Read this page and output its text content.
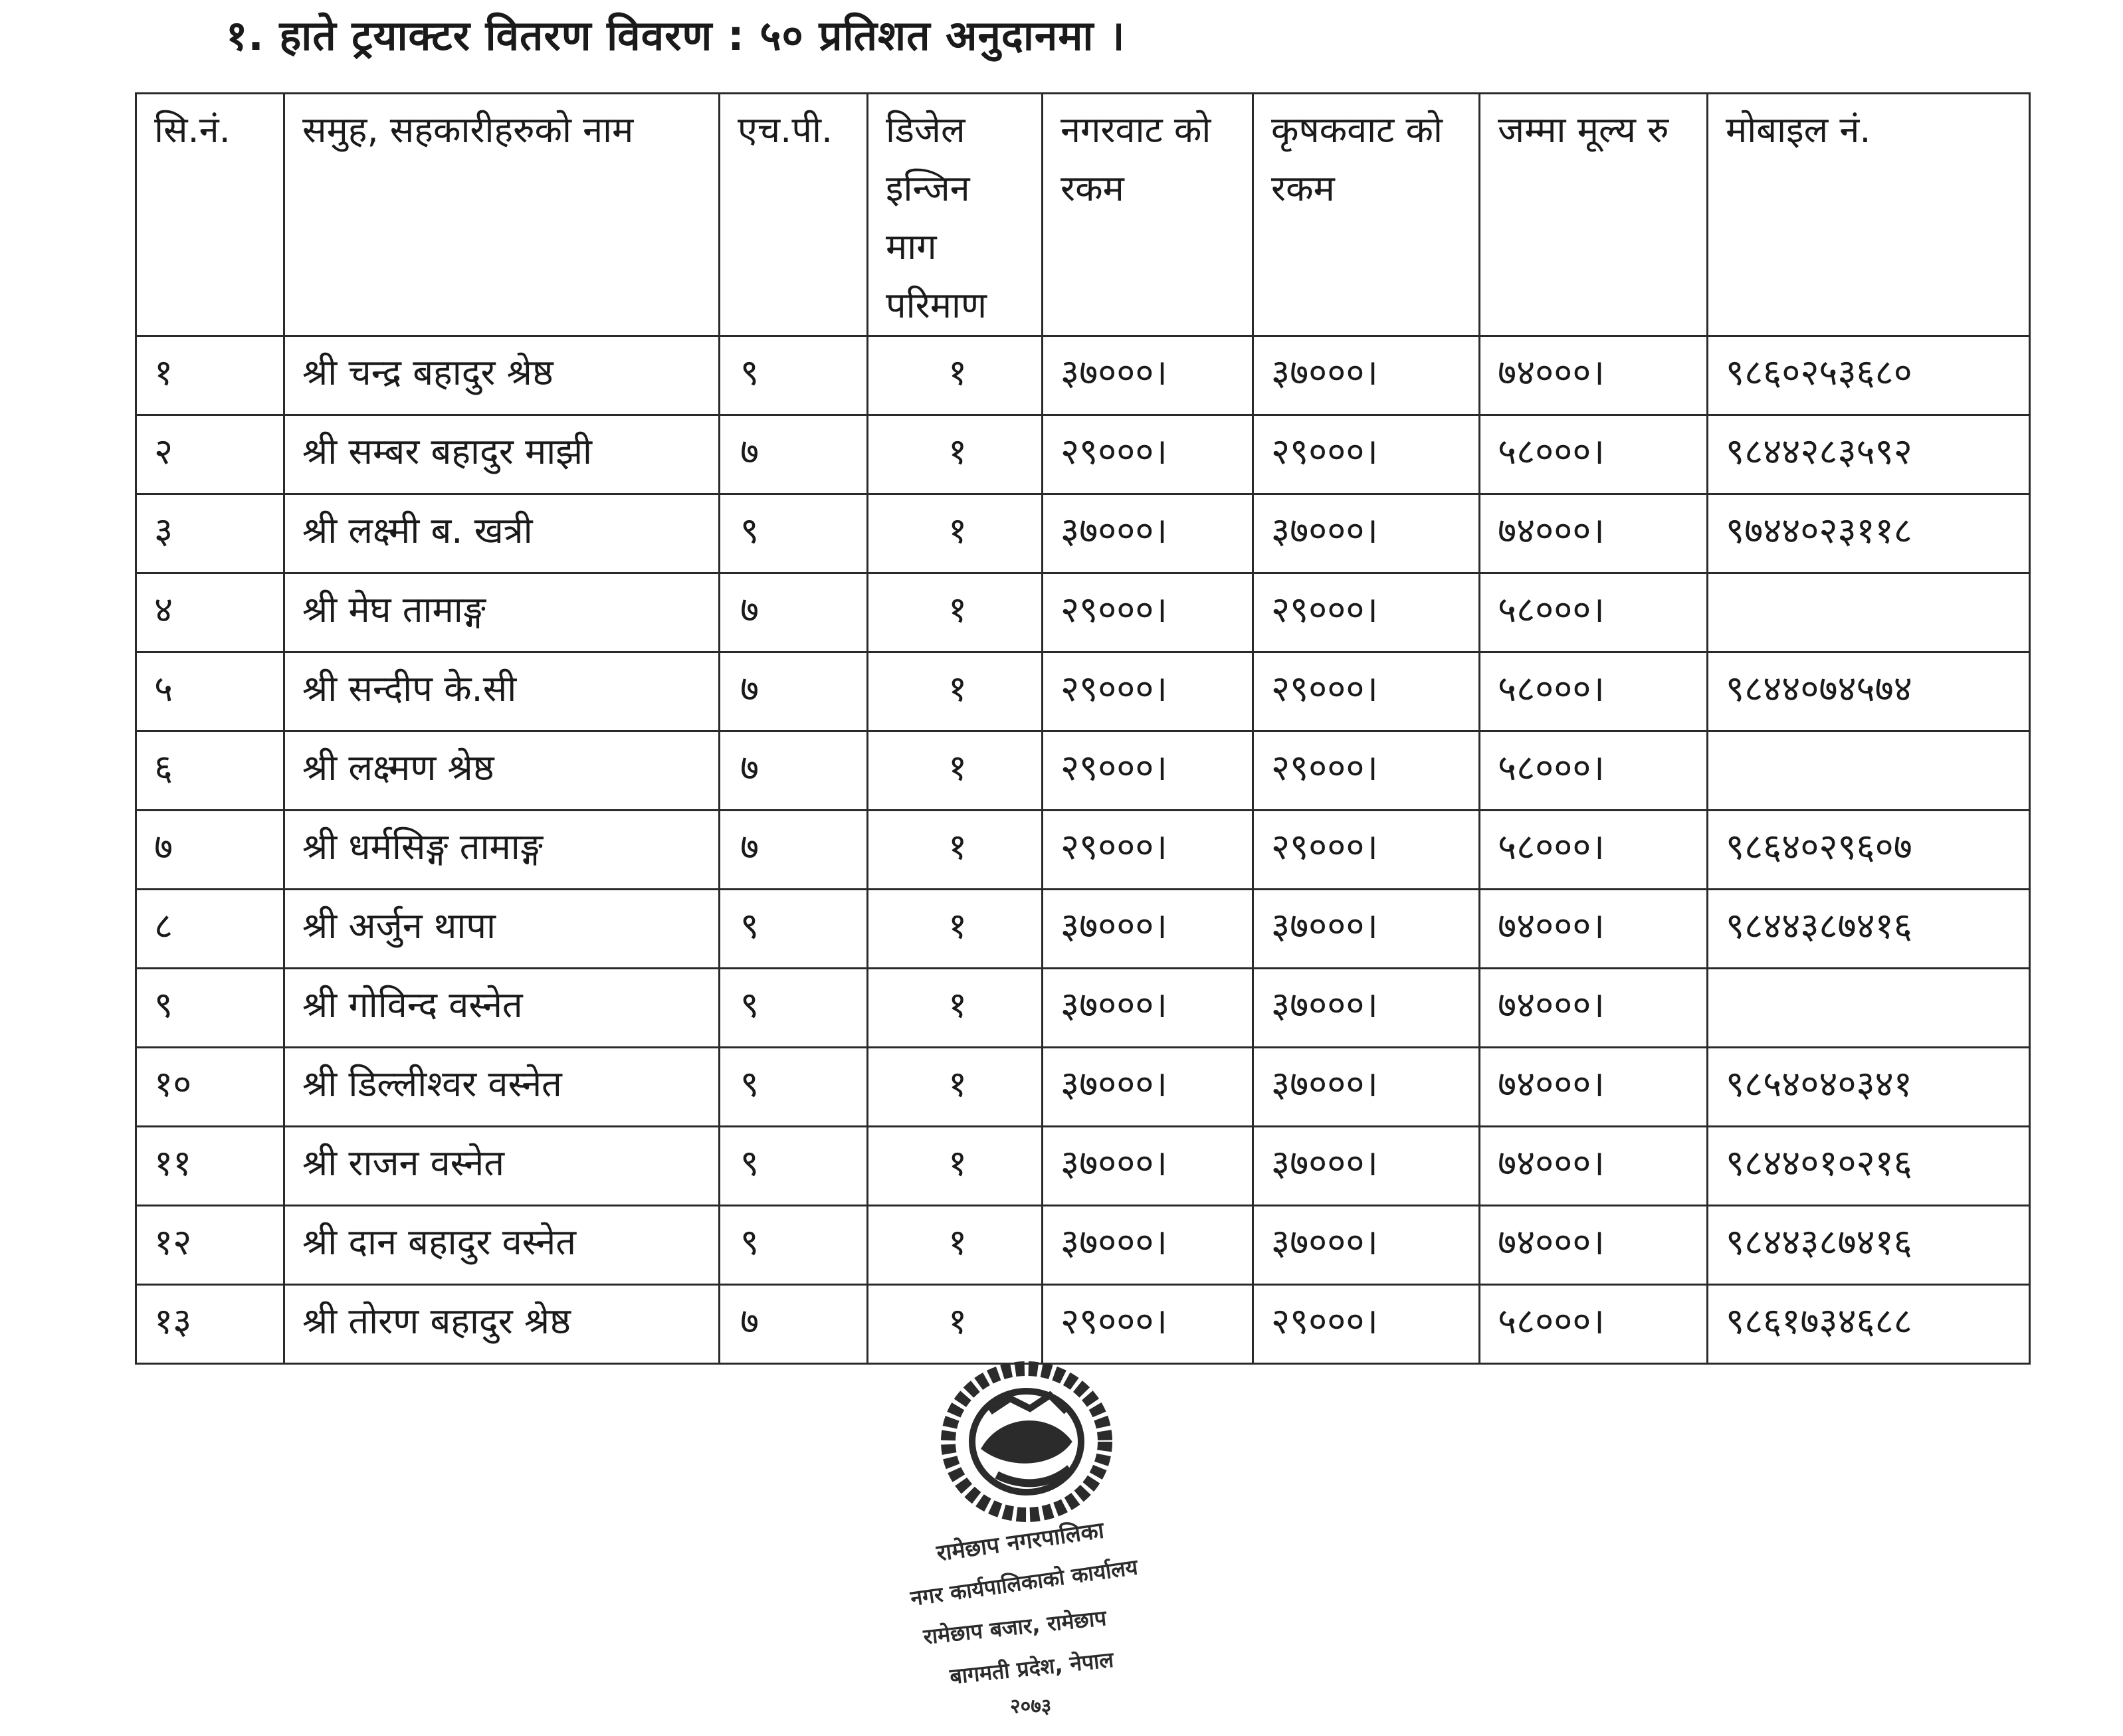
१. हाते ट्रयाक्टर वितरण विवरण : ५० प्रतिशत अनुदानमा ।
सि.नं.	समुह, सहकारीहरुको नाम	एच.पी.	डिजेल इन्जिन माग परिमाण	नगरवाट को रकम	कृषकवाट को रकम	जम्मा मूल्य रु	मोबाइल नं.
१	श्री चन्द्र बहादुर श्रेष्ठ	९	१	३७०००।	३७०००।	७४०००।	९८६०२५३६८०
२	श्री सम्बर बहादुर माझी	७	१	२९०००।	२९०००।	५८०००।	९८४४२८३५९२
३	श्री लक्ष्मी ब. खत्री	९	१	३७०००।	३७०००।	७४०००।	९७४४०२३११८
४	श्री मेघ तामाङ्ग	७	१	२९०००।	२९०००।	५८०००।	
५	श्री सन्दीप के.सी	७	१	२९०००।	२९०००।	५८०००।	९८४४०७४५७४
६	श्री लक्ष्मण श्रेष्ठ	७	१	२९०००।	२९०००।	५८०००।	
७	श्री धर्मसिङ्ग तामाङ्ग	७	१	२९०००।	२९०००।	५८०००।	९८६४०२९६०७
८	श्री अर्जुन थापा	९	१	३७०००।	३७०००।	७४०००।	९८४४३८७४१६
९	श्री गोविन्द वस्नेत	९	१	३७०००।	३७०००।	७४०००।	
१०	श्री डिल्लीश्वर वस्नेत	९	१	३७०००।	३७०००।	७४०००।	९८५४०४०३४१
११	श्री राजन वस्नेत	९	१	३७०००।	३७०००।	७४०००।	९८४४०१०२१६
१२	श्री दान बहादुर वस्नेत	९	१	३७०००।	३७०००।	७४०००।	९८४४३८७४१६
१३	श्री तोरण बहादुर श्रेष्ठ	७	१	२९०००।	२९०००।	५८०००।	९८६१७३४६८८
रामेछाप नगरपालिका
नगर कार्यपालिकाको कार्यालय
रामेछाप बजार, रामेछाप
बागमती प्रदेश, नेपाल
२०७३
